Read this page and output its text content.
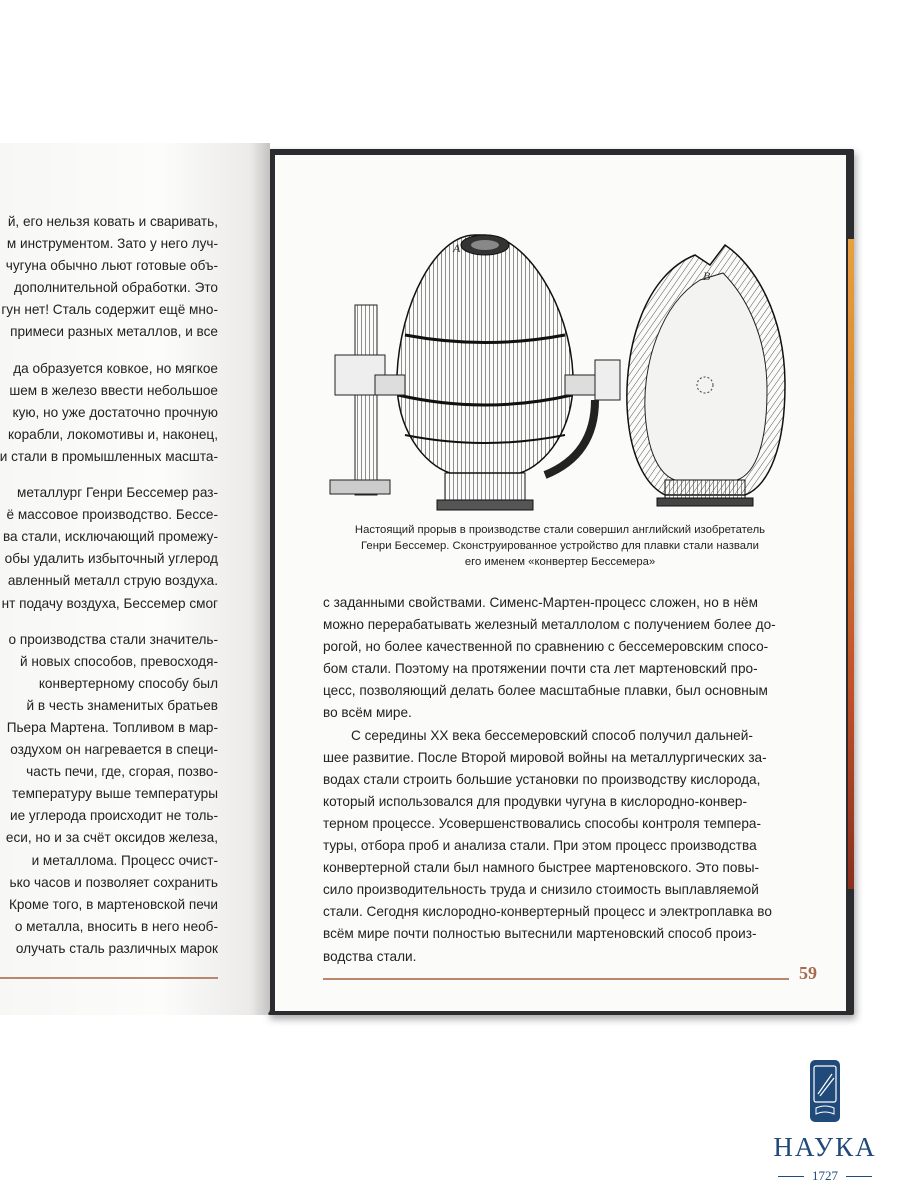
й, его нельзя ковать и сваривать,
м инструментом. Зато у него луч-
чугуна обычно льют готовые объ-
дополнительной обработки. Это
гун нет! Сталь содержит ещё мно-
примеси разных металлов, и все
да образуется ковкое, но мягкое
шем в железо ввести небольшое
кую, но уже достаточно прочную
корабли, локомотивы и, наконец,
и стали в промышленных масшта-
металлург Генри Бессемер раз-
ё массовое производство. Бессе-
ва стали, исключающий промежу-
обы удалить избыточный углерод
авленный металл струю воздуха.
нт подачу воздуха, Бессемер смог
о производства стали значитель-
й новых способов, превосходя-
конвертерному способу был
й в честь знаменитых братьев
Пьера Мартена. Топливом в мар-
оздухом он нагревается в специ-
часть печи, где, сгорая, позво-
температуру выше температуры
ие углерода происходит не толь-
еси, но и за счёт оксидов железа,
и металлома. Процесс очист-
ько часов и позволяет сохранить
Кроме того, в мартеновской печи
о металла, вносить в него необ-
олучать сталь различных марок
A
B
Настоящий прорыв в производстве стали совершил английский изобретатель
Генри Бессемер. Сконструированное устройство для плавки стали назвали
его именем «конвертер Бессемера»
с заданными свойствами. Сименс-Мартен-процесс сложен, но в нём
можно перерабатывать железный металлолом с получением более до-
рогой, но более качественной по сравнению с бессемеровским спосо-
бом стали. Поэтому на протяжении почти ста лет мартеновский про-
цесс, позволяющий делать более масштабные плавки, был основным
во всём мире.
С середины XX века бессемеровский способ получил дальней-
шее развитие. После Второй мировой войны на металлургических за-
водах стали строить большие установки по производству кислорода,
который использовался для продувки чугуна в кислородно-конвер-
терном процессе. Усовершенствовались способы контроля темпера-
туры, отбора проб и анализа стали. При этом процесс производства
конвертерной стали был намного быстрее мартеновского. Это повы-
сило производительность труда и снизило стоимость выплавляемой
стали. Сегодня кислородно-конвертерный процесс и электроплавка во
всём мире почти полностью вытеснили мартеновский способ произ-
водства стали.
59
НАУКА
1727
